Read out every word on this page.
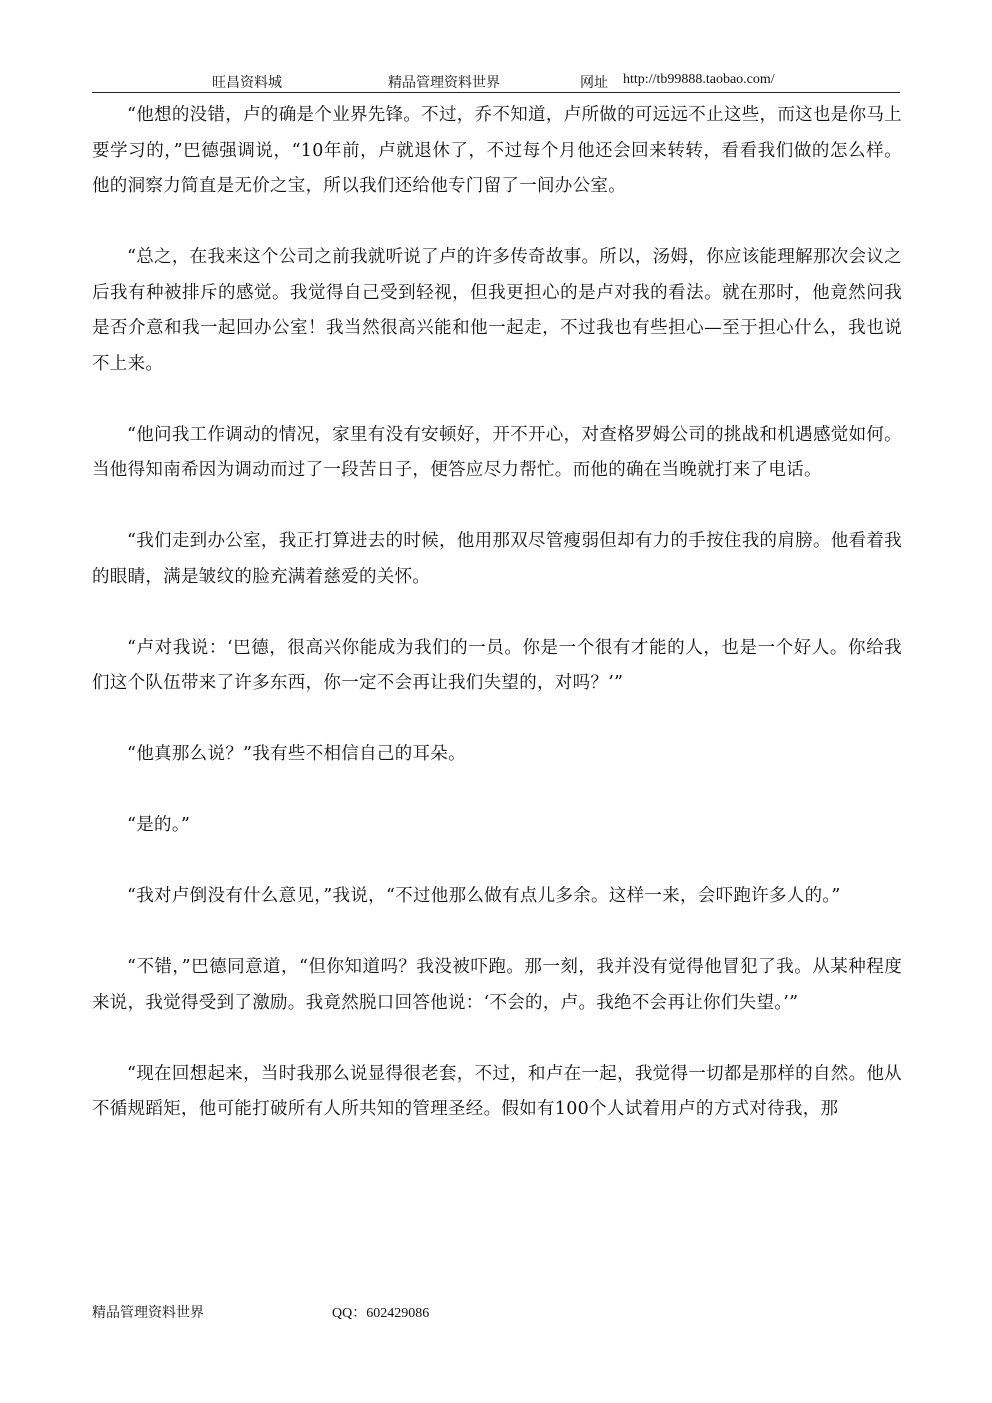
旺昌资料城	精品管理资料世界	网址 http://tb99888.taobao.com/

“他想的没错，卢的确是个业界先锋。不过，乔不知道，卢所做的可远远不止这些，而这也是你马上要学习的，”巴德强调说，“10年前，卢就退休了，不过每个月他还会回来转转，看看我们做的怎么样。他的洞察力简直是无价之宝，所以我们还给他专门留了一间办公室。

“总之，在我来这个公司之前我就听说了卢的许多传奇故事。所以，汤姆，你应该能理解那次会议之后我有种被排斥的感觉。我觉得自己受到轻视，但我更担心的是卢对我的看法。就在那时，他竟然问我是否介意和我一起回办公室！我当然很高兴能和他一起走，不过我也有些担心—至于担心什么，我也说不上来。

“他问我工作调动的情况，家里有没有安顿好，开不开心，对查格罗姆公司的挑战和机遇感觉如何。当他得知南希因为调动而过了一段苦日子，便答应尽力帮忙。而他的确在当晚就打来了电话。

“我们走到办公室，我正打算进去的时候，他用那双尽管瘦弱但却有力的手按住我的肩膀。他看着我的眼睛，满是皱纹的脸充满着慈爱的关怀。

“卢对我说：‘巴德，很高兴你能成为我们的一员。你是一个很有才能的人，也是一个好人。你给我们这个队伍带来了许多东西，你一定不会再让我们失望的，对吗？’”

“他真那么说？”我有些不相信自己的耳朵。

“是的。”

“我对卢倒没有什么意见，”我说，“不过他那么做有点儿多余。这样一来，会吓跑许多人的。”

“不错，”巴德同意道，“但你知道吗？我没被吓跑。那一刻，我并没有觉得他冒犯了我。从某种程度来说，我觉得受到了激励。我竟然脱口回答他说：‘不会的，卢。我绝不会再让你们失望。’”

“现在回想起来，当时我那么说显得很老套，不过，和卢在一起，我觉得一切都是那样的自然。他从不循规蹈矩，他可能打破所有人所共知的管理圣经。假如有100个人试着用卢的方式对待我，那

精品管理资料世界	QQ：602429086
